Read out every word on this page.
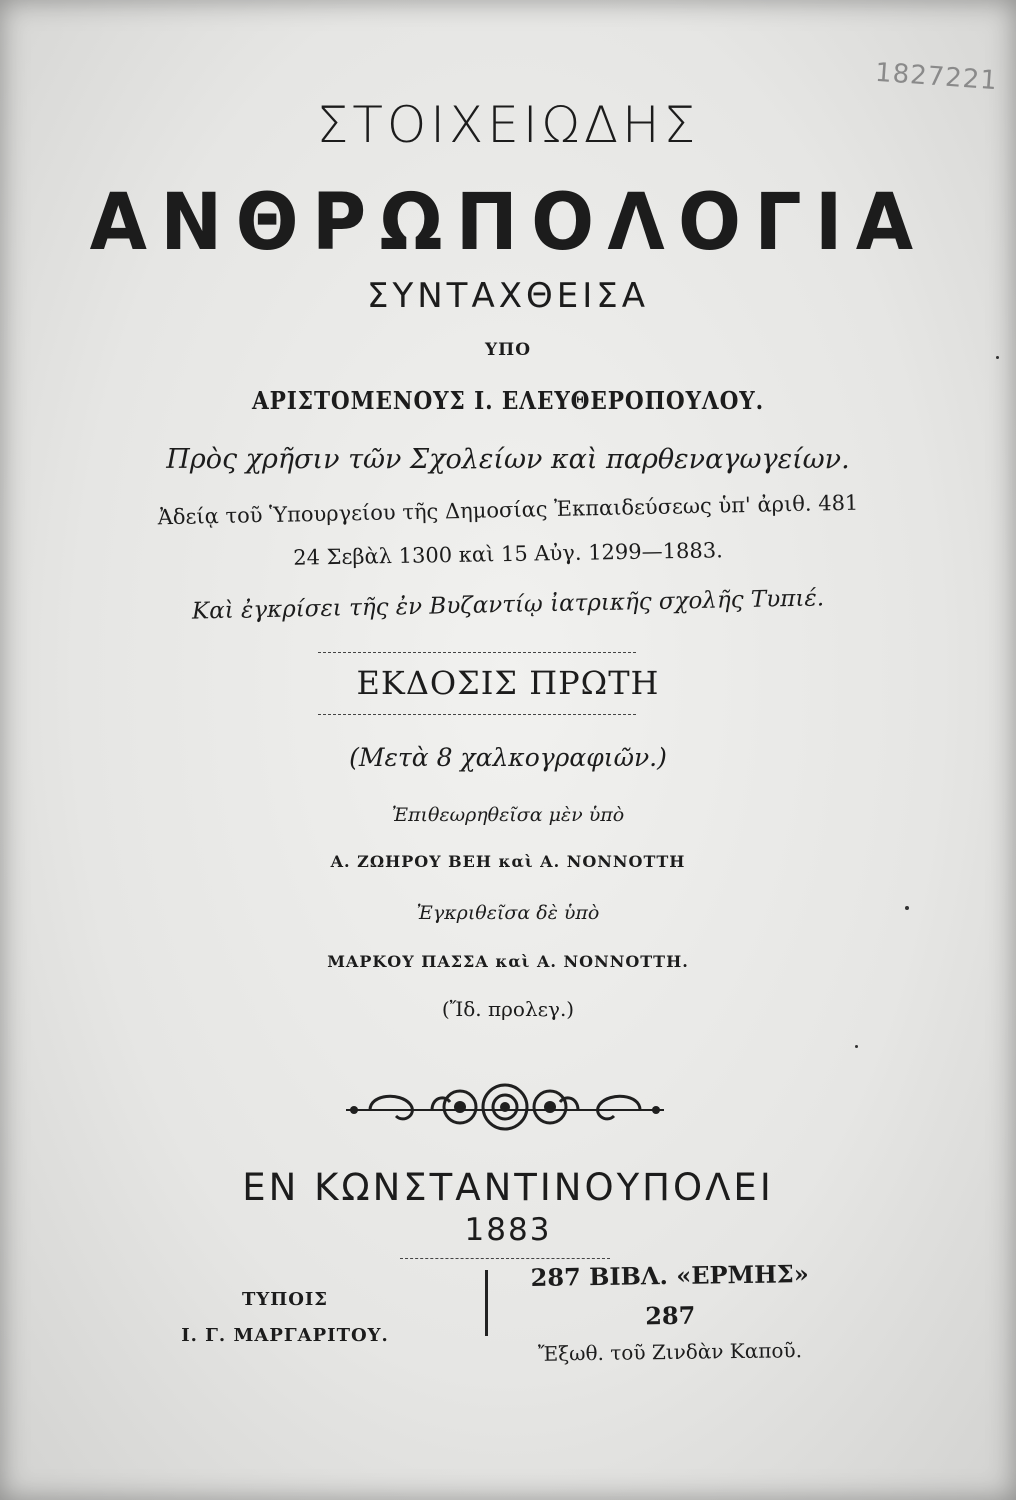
1827221
ΣΤΟΙΧΕΙΩΔΗΣ
ΑΝΘΡΩΠΟΛΟΓΙΑ
ΣΥΝΤΑΧΘΕΙΣΑ
ΥΠΟ
ΑΡΙΣΤΟΜΕΝΟΥΣ Ι. ΕΛΕΥΘΕΡΟΠΟΥΛΟΥ.
Πρὸς χρῆσιν τῶν Σχολείων καὶ παρθεναγωγείων.
Ἀδείᾳ τοῦ Ὑπουργείου τῆς Δημοσίας Ἐκπαιδεύσεως ὑπ' ἀριθ. 481
24 Σεβὰλ 1300 καὶ 15 Αὐγ. 1299—1883.
Καὶ ἐγκρίσει τῆς ἐν Βυζαντίῳ ἰατρικῆς σχολῆς Τυπιέ.
ΕΚΔΟΣΙΣ ΠΡΩΤΗ
(Μετὰ 8 χαλκογραφιῶν.)
Ἐπιθεωρηθεῖσα μὲν ὑπὸ
Α. ΖΩΗΡΟΥ ΒΕΗ καὶ Α. ΝΟΝΝΟΤΤΗ
Ἐγκριθεῖσα δὲ ὑπὸ
ΜΑΡΚΟΥ ΠΑΣΣΑ καὶ Α. ΝΟΝΝΟΤΤΗ.
(Ἴδ. προλεγ.)
ΕΝ ΚΩΝΣΤΑΝΤΙΝΟΥΠΟΛΕΙ
1883
ΤΥΠΟΙΣ
Ι. Γ. ΜΑΡΓΑΡΙΤΟΥ.
287 ΒΙΒΛ. «ΕΡΜΗΣ» 287
Ἔξωθ. τοῦ Ζινδὰν Καποῦ.
